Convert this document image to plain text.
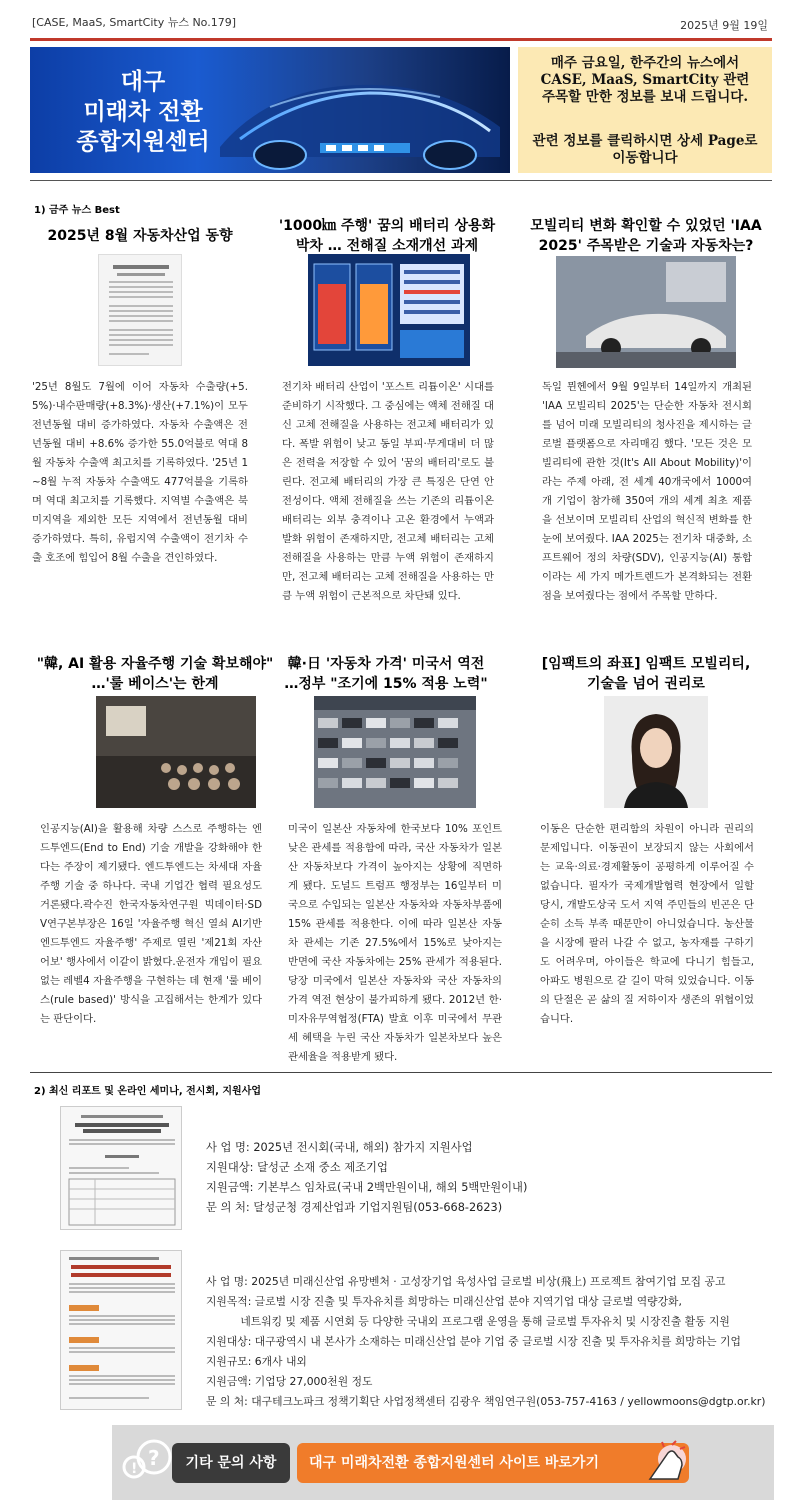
[CASE, MaaS, SmartCity 뉴스 No.179]	2025년 9월 19일
대구
미래차 전환
종합지원센터
매주 금요일, 한주간의 뉴스에서
CASE, MaaS, SmartCity 관련
주목할 만한 정보를 보내 드립니다.
관련 정보를 클릭하시면 상세 Page로
이동합니다
1) 금주 뉴스 Best
2025년 8월 자동차산업 동향
'25년 8월도 7월에 이어 자동차 수출량(+5.5%)·내수판매량(+8.3%)·생산(+7.1%)이 모두 전년동월 대비 증가하였다. 자동차 수출액은 전년동월 대비 +8.6% 증가한 55.0억불로 역대 8월 자동차 수출액 최고치를 기록하였다. '25년 1~8월 누적 자동차 수출액도 477억불을 기록하며 역대 최고치를 기록했다. 지역별 수출액은 북미지역을 제외한 모든 지역에서 전년동월 대비 증가하였다. 특히, 유럽지역 수출액이 전기차 수출 호조에 힘입어 8월 수출을 견인하였다.
'1000㎞ 주행' 꿈의 배터리 상용화
박차 … 전해질 소재개선 과제
전기차 배터리 산업이 '포스트 리튬이온' 시대를 준비하기 시작했다. 그 중심에는 액체 전해질 대신 고체 전해질을 사용하는 전고체 배터리가 있다. 폭발 위험이 낮고 동일 부피·무게대비 더 많은 전력을 저장할 수 있어 '꿈의 배터리'로도 불린다. 전고체 배터리의 가장 큰 특징은 단연 안전성이다. 액체 전해질을 쓰는 기존의 리튬이온 배터리는 외부 충격이나 고온 환경에서 누액과 발화 위험이 존재하지만, 전고체 배터리는 고체 전해질을 사용하는 만큼 누액 위험이 존재하지 만, 전고체 배터리는 고체 전해질을 사용하는 만큼 누액 위험이 근본적으로 차단돼 있다.
모빌리티 변화 확인할 수 있었던 'IAA
2025' 주목받은 기술과 자동차는?
독일 뮌헨에서 9월 9일부터 14일까지 개최된 'IAA 모빌리티 2025'는 단순한 자동차 전시회를 넘어 미래 모빌리티의 청사진을 제시하는 글로벌 플랫폼으로 자리매김 했다. '모든 것은 모빌리티에 관한 것(It's All About Mobility)'이라는 주제 아래, 전 세계 40개국에서 1000여 개 기업이 참가해 350여 개의 세계 최초 제품을 선보이며 모빌리티 산업의 혁신적 변화를 한눈에 보여줬다. IAA 2025는 전기차 대중화, 소프트웨어 정의 차량(SDV), 인공지능(AI) 통합이라는 세 가지 메가트렌드가 본격화되는 전환점을 보여줬다는 점에서 주목할 만하다.
"韓, AI 활용 자율주행 기술 확보해야"
…'룰 베이스'는 한계
인공지능(AI)을 활용해 차량 스스로 주행하는 엔드투엔드(End to End) 기술 개발을 강화해야 한다는 주장이 제기됐다. 엔드투엔드는 차세대 자율주행 기술 중 하나다. 국내 기업간 협력 필요성도 거론됐다.곽수진 한국자동차연구원 빅데이터·SDV연구본부장은 16일 '자율주행 혁신 열쇠 AI기반 엔드투엔드 자율주행' 주제로 열린 '제21회 자산어보' 행사에서 이같이 밝혔다.운전자 개입이 필요없는 레벨4 자율주행을 구현하는 데 현재 '룰 베이스(rule based)' 방식을 고집해서는 한계가 있다는 판단이다.
韓·日 '자동차 가격' 미국서 역전
…정부 "조기에 15% 적용 노력"
미국이 일본산 자동차에 한국보다 10% 포인트 낮은 관세를 적용함에 따라, 국산 자동차가 일본산 자동차보다 가격이 높아지는 상황에 직면하게 됐다. 도널드 트럼프 행정부는 16일부터 미국으로 수입되는 일본산 자동차와 자동차부품에 15% 관세를 적용한다. 이에 따라 일본산 자동차 관세는 기존 27.5%에서 15%로 낮아지는 반면에 국산 자동차에는 25% 관세가 적용된다. 당장 미국에서 일본산 자동차와 국산 자동차의 가격 역전 현상이 불가피하게 됐다. 2012년 한·미자유무역협정(FTA) 발효 이후 미국에서 무관세 혜택을 누린 국산 자동차가 일본차보다 높은 관세율을 적용받게 됐다.
[임팩트의 좌표] 임팩트 모빌리티,
기술을 넘어 권리로
이동은 단순한 편리함의 차원이 아니라 권리의 문제입니다. 이동권이 보장되지 않는 사회에서는 교육·의료·경제활동이 공평하게 이루어질 수 없습니다. 필자가 국제개발협력 현장에서 일할 당시, 개발도상국 도서 지역 주민들의 빈곤은 단순히 소득 부족 때문만이 아니었습니다. 농산물을 시장에 팔러 나갈 수 없고, 농자재를 구하기도 어려우며, 아이들은 학교에 다니기 힘들고, 아파도 병원으로 갈 길이 막혀 있었습니다. 이동의 단절은 곧 삶의 질 저하이자 생존의 위협이었습니다.
2) 최신 리포트 및 온라인 세미나, 전시회, 지원사업
사 업 명: 2025년 전시회(국내, 해외) 참가지 지원사업
지원대상: 달성군 소재 중소 제조기업
지원금액: 기본부스 임차료(국내 2백만원이내, 해외 5백만원이내)
문 의 처: 달성군청 경제산업과 기업지원팀(053-668-2623)
사 업 명: 2025년 미래신산업 유망벤처 · 고성장기업 육성사업 글로벌 비상(飛上) 프로젝트 참여기업 모집 공고
지원목적: 글로벌 시장 진출 및 투자유치를 희망하는 미래신산업 분야 지역기업 대상 글로벌 역량강화,

네트워킹 및 제품 시연회 등 다양한 국내외 프로그램 운영을 통해 글로벌 투자유치 및 시장진출 활동 지원
지원대상: 대구광역시 내 본사가 소재하는 미래신산업 분야 기업 중 글로벌 시장 진출 및 투자유치를 희망하는 기업
지원규모: 6개사 내외
지원금액: 기업당 27,000천원 정도
문 의 처: 대구테크노파크 정책기획단 사업정책센터 김광우 책임연구원(053-757-4163 / yellowmoons@dgtp.or.kr)
?
!	기타 문의 사항	대구 미래차전환 종합지원센터 사이트 바로가기
